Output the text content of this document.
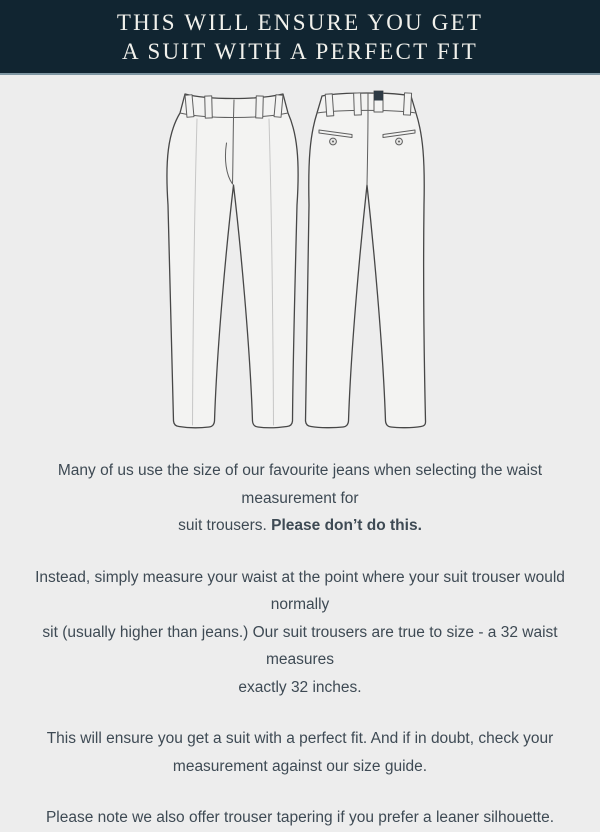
THIS WILL ENSURE YOU GET
A SUIT WITH A PERFECT FIT

Many of us use the size of our favourite jeans when selecting the waist measurement for
suit trousers. Please don’t do this.

Instead, simply measure your waist at the point where your suit trouser would normally
sit (usually higher than jeans.) Our suit trousers are true to size - a 32 waist measures
exactly 32 inches.

This will ensure you get a suit with a perfect fit. And if in doubt, check your
measurement against our size guide.

Please note we also offer trouser tapering if you prefer a leaner silhouette.
